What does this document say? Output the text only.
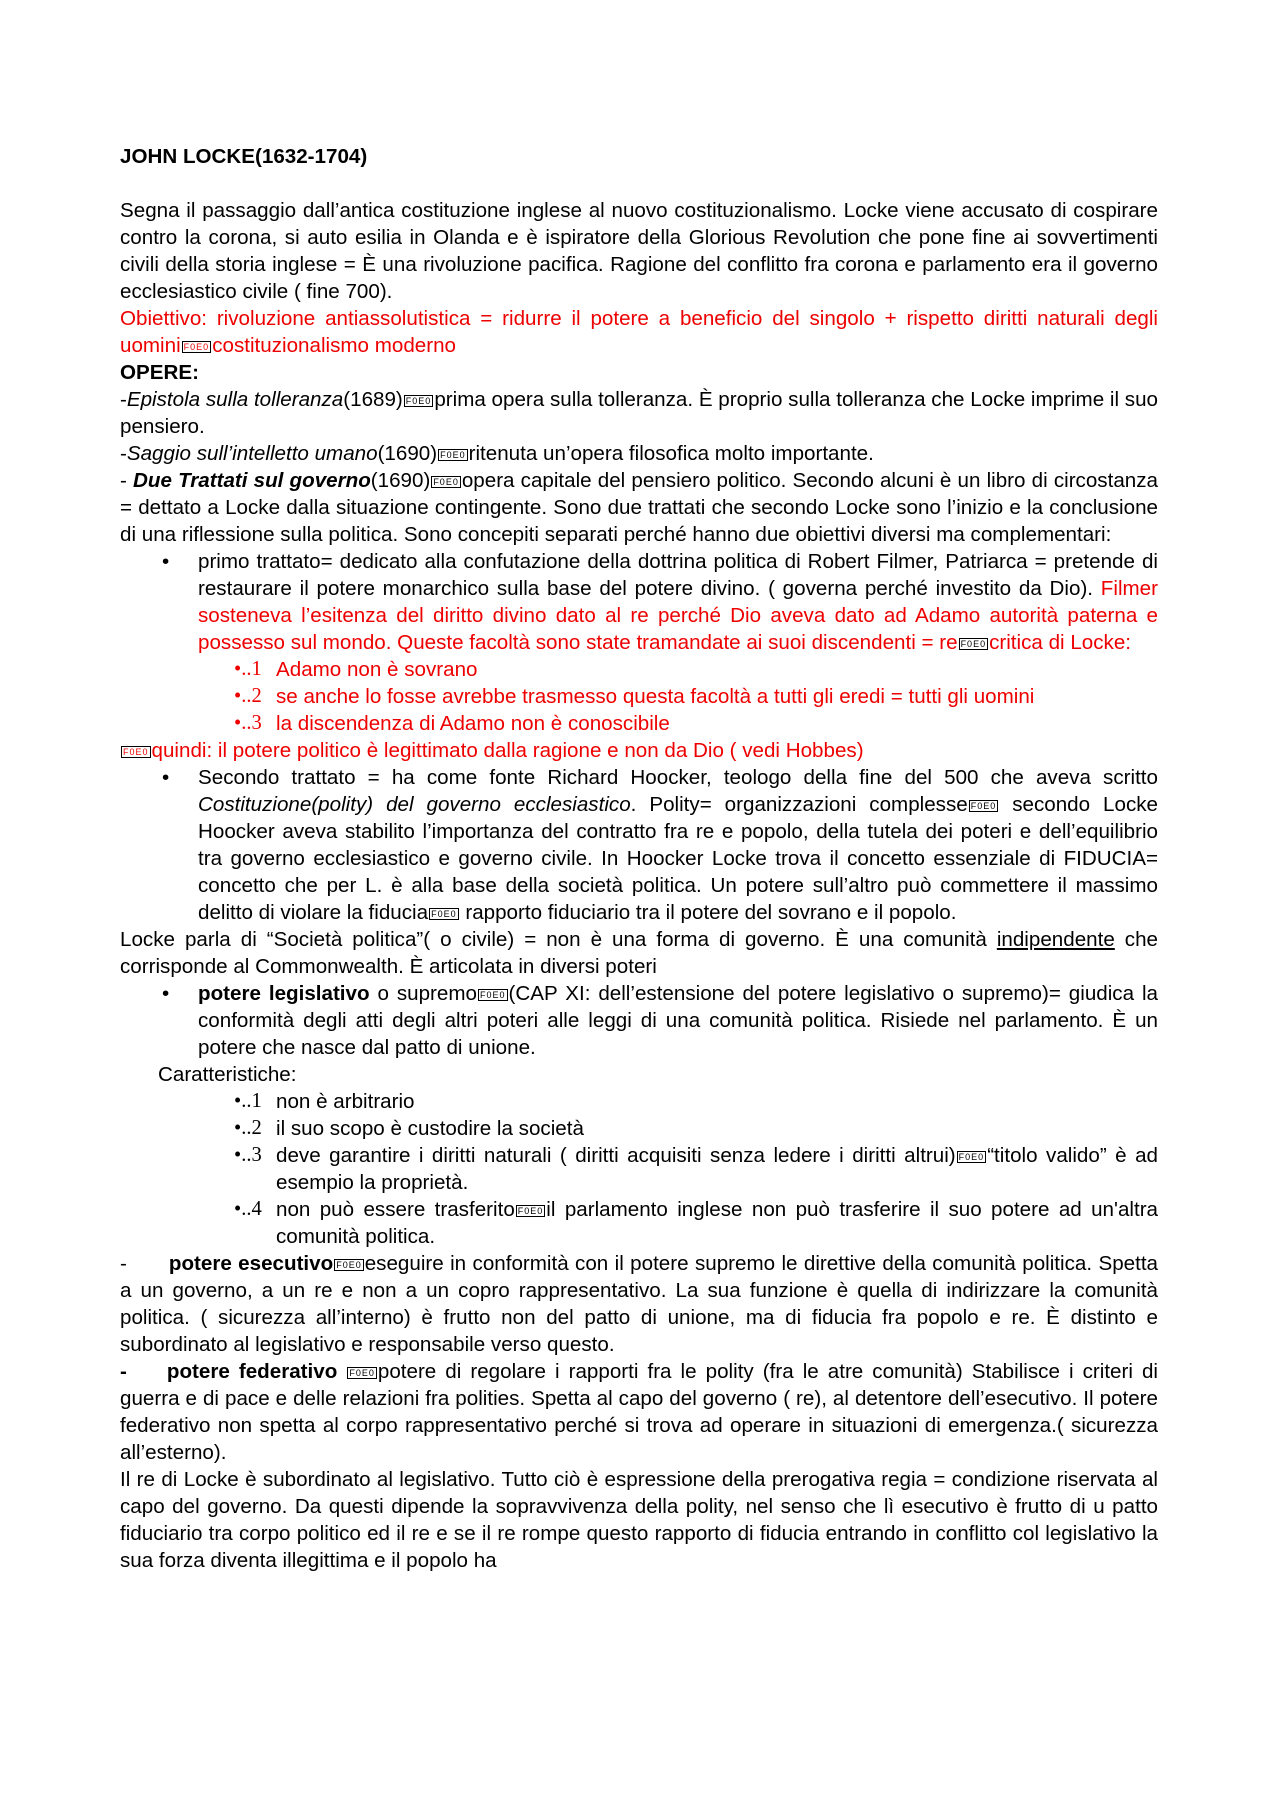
JOHN LOCKE(1632-1704)

Segna il passaggio dall’antica costituzione inglese al nuovo costituzionalismo. Locke viene accusato di cospirare contro la corona, si auto esilia in Olanda e è ispiratore della Glorious Revolution che pone fine ai sovvertimenti civili della storia inglese = È una rivoluzione pacifica. Ragione del conflitto fra corona e parlamento era il governo ecclesiastico civile ( fine 700).

Obiettivo: rivoluzione antiassolutistica = ridurre il potere a beneficio del singolo + rispetto diritti naturali degli uomini F0E0 costituzionalismo moderno

OPERE:

-Epistola sulla tolleranza(1689) F0E0 prima opera sulla tolleranza. È proprio sulla tolleranza che Locke imprime il suo pensiero.

-Saggio sull’intelletto umano(1690) F0E0 ritenuta un’opera filosofica molto importante.

- Due Trattati sul governo(1690) F0E0 opera capitale del pensiero politico. Secondo alcuni è un libro di circostanza = dettato a Locke dalla situazione contingente. Sono due trattati che secondo Locke sono l’inizio e la conclusione di una riflessione sulla politica. Sono concepiti separati perché hanno due obiettivi diversi ma complementari:

• primo trattato= dedicato alla confutazione della dottrina politica di Robert Filmer, Patriarca = pretende di restaurare il potere monarchico sulla base del potere divino. ( governa perché investito da Dio). Filmer sosteneva l’esitenza del diritto divino dato al re perché Dio aveva dato ad Adamo autorità paterna e possesso sul mondo. Queste facoltà sono state tramandate ai suoi discendenti = re F0E0 critica di Locke:
•..1 Adamo non è sovrano
•..2 se anche lo fosse avrebbe trasmesso questa facoltà a tutti gli eredi = tutti gli uomini
•..3 la discendenza di Adamo non è conoscibile

F0E0 quindi: il potere politico è legittimato dalla ragione e non da Dio ( vedi Hobbes)

• Secondo trattato = ha come fonte Richard Hoocker, teologo della fine del 500 che aveva scritto Costituzione(polity) del governo ecclesiastico. Polity= organizzazioni complesse F0E0 secondo Locke Hoocker aveva stabilito l’importanza del contratto fra re e popolo, della tutela dei poteri e dell’equilibrio tra governo ecclesiastico e governo civile. In Hoocker Locke trova il concetto essenziale di FIDUCIA= concetto che per L. è alla base della società politica. Un potere sull’altro può commettere il massimo delitto di violare la fiducia F0E0 rapporto fiduciario tra il potere del sovrano e il popolo.

Locke parla di “Società politica”( o civile) = non è una forma di governo. È una comunità indipendente che corrisponde al Commonwealth. È articolata in diversi poteri

• potere legislativo o supremo F0E0 (CAP XI: dell’estensione del potere legislativo o supremo)= giudica la conformità degli atti degli altri poteri alle leggi di una comunità politica. Risiede nel parlamento. È un potere che nasce dal patto di unione.

Caratteristiche:

•..1 non è arbitrario
•..2 il suo scopo è custodire la società
•..3 deve garantire i diritti naturali ( diritti acquisiti senza ledere i diritti altrui) F0E0 “titolo valido” è ad esempio la proprietà.
•..4 non può essere trasferito F0E0 il parlamento inglese non può trasferire il suo potere ad un'altra comunità politica.

- potere esecutivo F0E0 eseguire in conformità con il potere supremo le direttive della comunità politica. Spetta a un governo, a un re e non a un copro rappresentativo. La sua funzione è quella di indirizzare la comunità politica. ( sicurezza all’interno) è frutto non del patto di unione, ma di fiducia fra popolo e re. È distinto e subordinato al legislativo e responsabile verso questo.

- potere federativo F0E0 potere di regolare i rapporti fra le polity (fra le atre comunità) Stabilisce i criteri di guerra e di pace e delle relazioni fra polities. Spetta al capo del governo ( re), al detentore dell’esecutivo. Il potere federativo non spetta al corpo rappresentativo perché si trova ad operare in situazioni di emergenza.( sicurezza all’esterno).

Il re di Locke è subordinato al legislativo. Tutto ciò è espressione della prerogativa regia = condizione riservata al capo del governo. Da questi dipende la sopravvivenza della polity, nel senso che lì esecutivo è frutto di u patto fiduciario tra corpo politico ed il re e se il re rompe questo rapporto di fiducia entrando in conflitto col legislativo la sua forza diventa illegittima e il popolo ha
